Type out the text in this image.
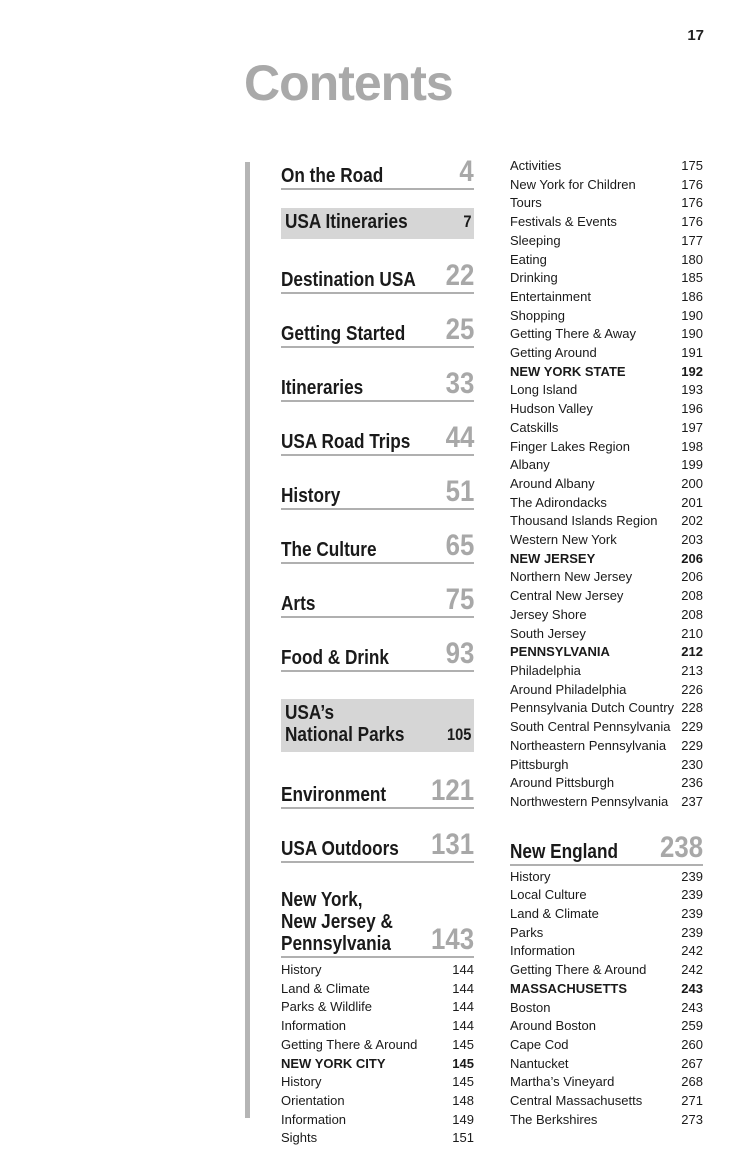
17
Contents
On the Road	4
USA Itineraries	7
Destination USA 22
Getting Started 25
Itineraries	33
USA Road Trips 44
History	51
The Culture 65
Arts	75
Food & Drink 93
USA’s
National Parks	105
Environment 121
USA Outdoors 131
New York,
New Jersey &
Pennsylvania	143
History	144
Land & Climate	144
Parks & Wildlife	144
Information	144
Getting There & Around	145
NEW YORK CITY	145
History	145
Orientation	148
Information	149
Sights	151
Activities	175
New York for Children	176
Tours	176
Festivals & Events	176
Sleeping	177
Eating	180
Drinking	185
Entertainment	186
Shopping	190
Getting There & Away	190
Getting Around	191
NEW YORK STATE	192
Long Island	193
Hudson Valley	196
Catskills	197
Finger Lakes Region	198
Albany	199
Around Albany	200
The Adirondacks	201
Thousand Islands Region 202
Western New York	203
NEW JERSEY	206
Northern New Jersey	206
Central New Jersey	208
Jersey Shore	208
South Jersey	210
PENNSYLVANIA	212
Philadelphia	213
Around Philadelphia	226
Pennsylvania Dutch Country 228
South Central Pennsylvania 229
Northeastern Pennsylvania 229
Pittsburgh	230
Around Pittsburgh	236
Northwestern Pennsylvania 237
New England 238
History	239
Local Culture	239
Land & Climate	239
Parks	239
Information	242
Getting There & Around	242
MASSACHUSETTS	243
Boston	243
Around Boston	259
Cape Cod	260
Nantucket	267
Martha’s Vineyard	268
Central Massachusetts	271
The Berkshires	273
